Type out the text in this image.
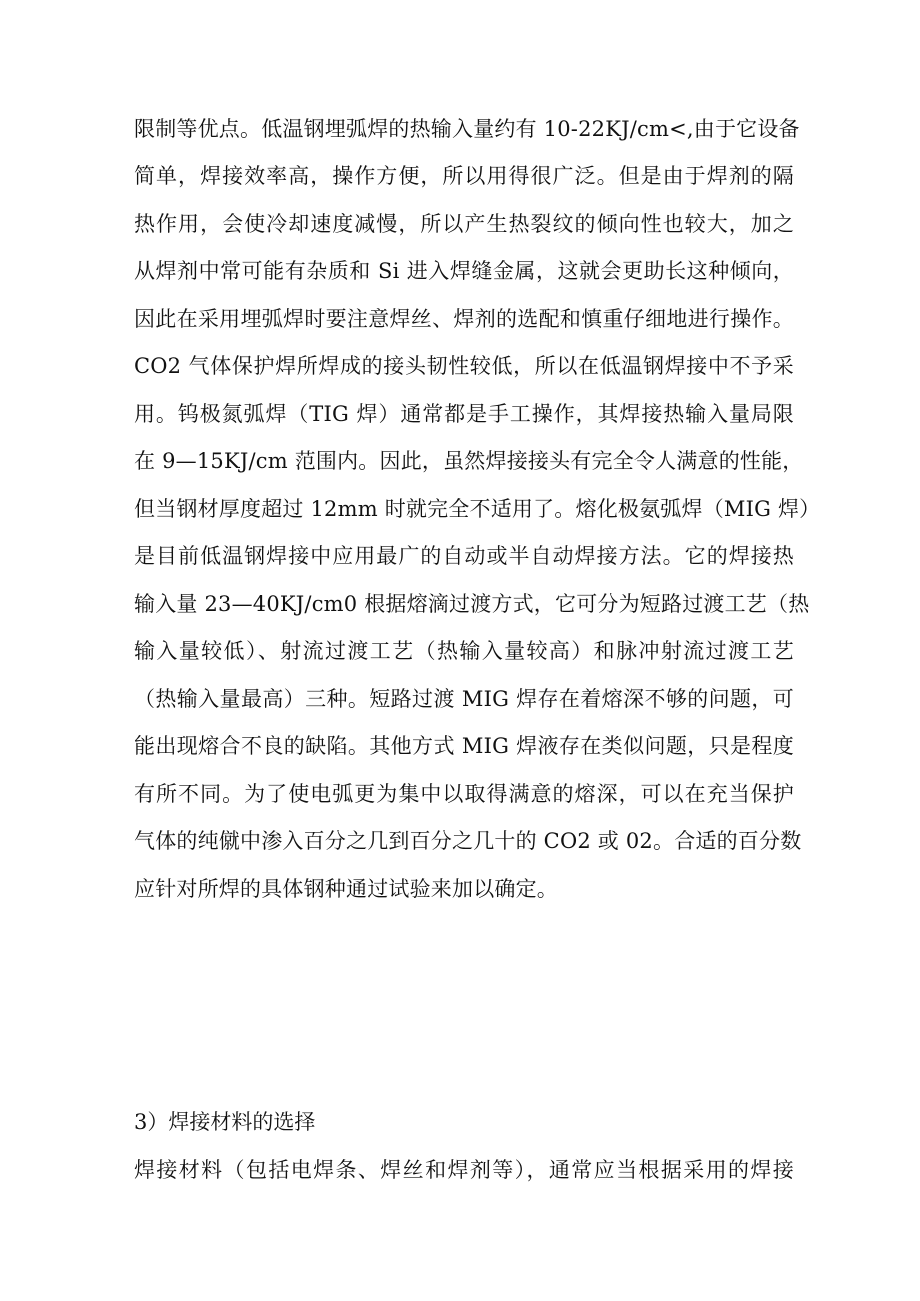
限制等优点。低温钢埋弧焊的热输入量约有 10-22KJ/cm<,由于它设备
简单，焊接效率高，操作方便，所以用得很广泛。但是由于焊剂的隔
热作用，会使冷却速度减慢，所以产生热裂纹的倾向性也较大，加之
从焊剂中常可能有杂质和 Si 进入焊缝金属，这就会更助长这种倾向，
因此在采用埋弧焊时要注意焊丝、焊剂的选配和慎重仔细地进行操作。
CO2 气体保护焊所焊成的接头韧性较低，所以在低温钢焊接中不予采
用。钨极氮弧焊（TIG 焊）通常都是手工操作，其焊接热输入量局限
在 9—15KJ/cm 范围内。因此，虽然焊接接头有完全令人满意的性能，
但当钢材厚度超过 12mm 时就完全不适用了。熔化极氨弧焊（MIG 焊）
是目前低温钢焊接中应用最广的自动或半自动焊接方法。它的焊接热
输入量 23—40KJ/cm0 根据熔滴过渡方式，它可分为短路过渡工艺（热
输入量较低）、射流过渡工艺（热输入量较高）和脉冲射流过渡工艺
（热输入量最高）三种。短路过渡 MIG 焊存在着熔深不够的问题，可
能出现熔合不良的缺陷。其他方式 MIG 焊液存在类似问题，只是程度
有所不同。为了使电弧更为集中以取得满意的熔深，可以在充当保护
气体的纯僦中渗入百分之几到百分之几十的 CO2 或 02。合适的百分数
应针对所焊的具体钢种通过试验来加以确定。
3）焊接材料的选择
焊接材料（包括电焊条、焊丝和焊剂等），通常应当根据采用的焊接
